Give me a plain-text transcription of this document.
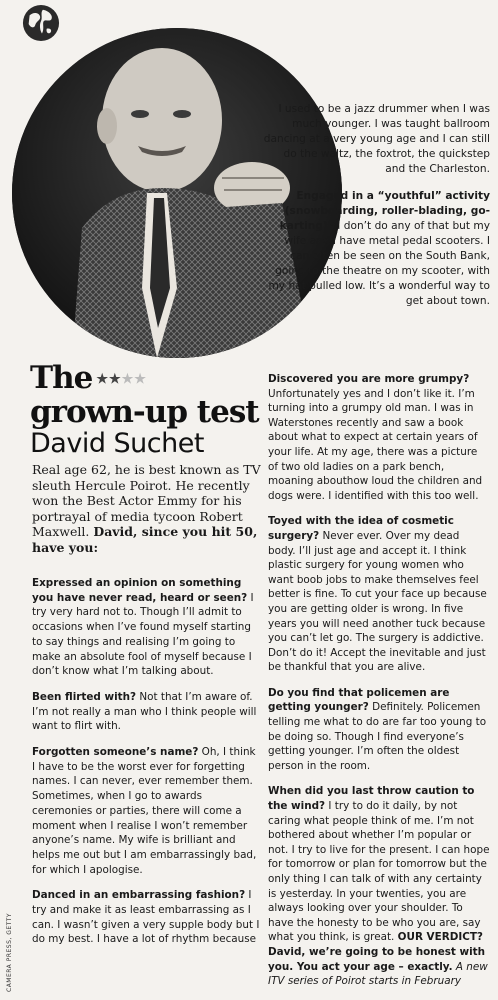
I used to be a jazz drummer when I was much younger. I was taught ballroom dancing at a very young age and I can still do the waltz, the foxtrot, the quickstep and the Charleston.

Engaged in a “youthful” activity (snowboarding, roller-blading, go-karting)? I don’t do any of that but my wife and I have metal pedal scooters. I can often be seen on the South Bank, going to the theatre on my scooter, with my hat pulled low. It’s a wonderful way to get about town.

The ★★★★
grown-up test
David Suchet
Real age 62, he is best known as TV sleuth Hercule Poirot. He recently won the Best Actor Emmy for his portrayal of media tycoon Robert Maxwell. David, since you hit 50, have you:

Expressed an opinion on something you have never read, heard or seen? I try very hard not to. Though I’ll admit to occasions when I’ve found myself starting to say things and realising I’m going to make an absolute fool of myself because I don’t know what I’m talking about.

Been flirted with? Not that I’m aware of. I’m not really a man who I think people will want to flirt with.

Forgotten someone’s name? Oh, I think I have to be the worst ever for forgetting names. I can never, ever remember them. Sometimes, when I go to awards ceremonies or parties, there will come a moment when I realise I won’t remember anyone’s name. My wife is brilliant and helps me out but I am embarrassingly bad, for which I apologise.

Danced in an embarrassing fashion? I try and make it as least embarrassing as I can. I wasn’t given a very supple body but I do my best. I have a lot of rhythm because

Discovered you are more grumpy? Unfortunately yes and I don’t like it. I’m turning into a grumpy old man. I was in Waterstones recently and saw a book about what to expect at certain years of your life. At my age, there was a picture of two old ladies on a park bench, moaning abouthow loud the children and dogs were. I identified with this too well.

Toyed with the idea of cosmetic surgery? Never ever. Over my dead body. I’ll just age and accept it. I think plastic surgery for young women who want boob jobs to make themselves feel better is fine. To cut your face up because you are getting older is wrong. In five years you will need another tuck because you can’t let go. The surgery is addictive. Don’t do it! Accept the inevitable and just be thankful that you are alive.

Do you find that policemen are getting younger? Definitely. Policemen telling me what to do are far too young to be doing so. Though I find everyone’s getting younger. I’m often the oldest person in the room.

When did you last throw caution to the wind? I try to do it daily, by not caring what people think of me. I’m not bothered about whether I’m popular or not. I try to live for the present. I can hope for tomorrow or plan for tomorrow but the only thing I can talk of with any certainty is yesterday. In your twenties, you are always looking over your shoulder. To have the honesty to be who you are, say what you think, is great. OUR VERDICT? David, we’re going to be honest with you. You act your age – exactly. A new ITV series of Poirot starts in February

CAMERA PRESS, GETTY
